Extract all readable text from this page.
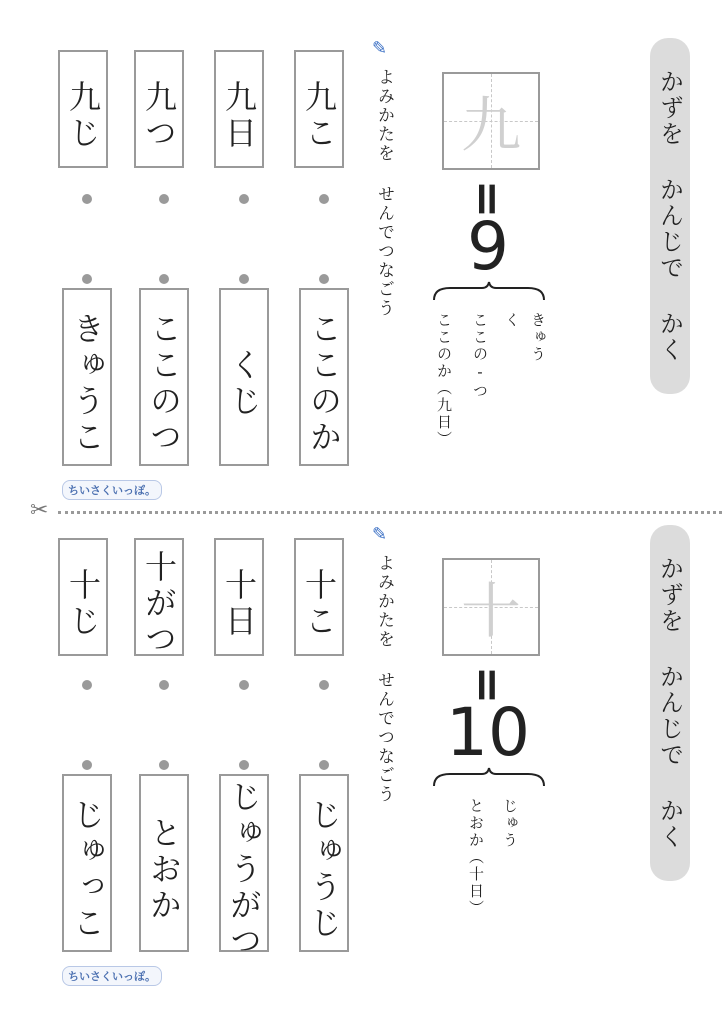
かずを かんじで かく
九
=
9
きゅう
く
ここの-つ
ここのか（九日）
✎
よみかたを せんでつなごう
九じ 九つ 九日 九こ
きゅうこ ここのつ くじ ここのか
ちいさくいっぽ。
✂
かずを かんじで かく
十
=
10
じゅう
とおか（十日）
✎
よみかたを せんでつなごう
十じ 十がつ 十日 十こ
じゅっこ とおか じゅうがつ じゅうじ
ちいさくいっぽ。
